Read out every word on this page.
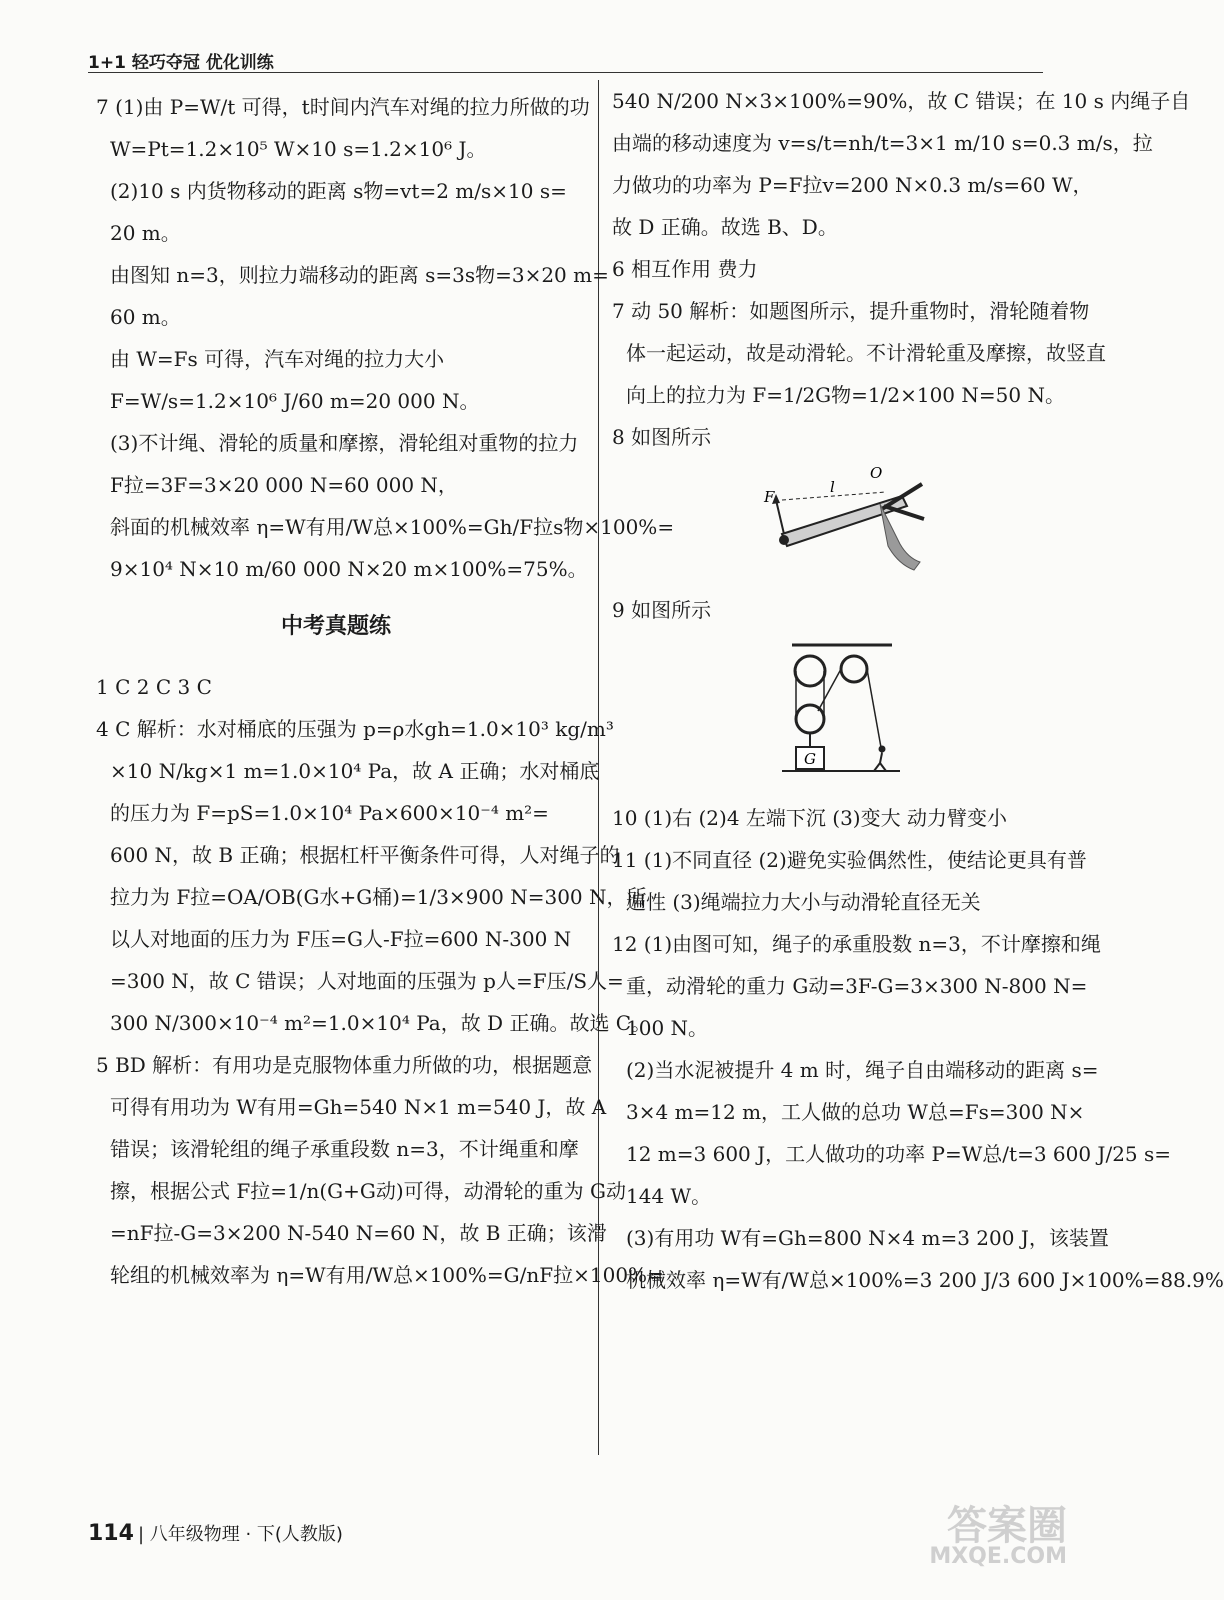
1+1 轻巧夺冠 优化训练
7 (1)由 P=W/t 可得，t时间内汽车对绳的拉力所做的功
W=Pt=1.2×10⁵ W×10 s=1.2×10⁶ J。
(2)10 s 内货物移动的距离 s物=vt=2 m/s×10 s=
20 m。
由图知 n=3，则拉力端移动的距离 s=3s物=3×20 m=
60 m。
由 W=Fs 可得，汽车对绳的拉力大小
F=W/s=1.2×10⁶ J/60 m=20 000 N。
(3)不计绳、滑轮的质量和摩擦，滑轮组对重物的拉力
F拉=3F=3×20 000 N=60 000 N，
斜面的机械效率 η=W有用/W总×100%=Gh/F拉s物×100%=
9×10⁴ N×10 m/60 000 N×20 m×100%=75%。
中考真题练
1 C 2 C 3 C
4 C 解析：水对桶底的压强为 p=ρ水gh=1.0×10³ kg/m³
×10 N/kg×1 m=1.0×10⁴ Pa，故 A 正确；水对桶底
的压力为 F=pS=1.0×10⁴ Pa×600×10⁻⁴ m²=
600 N，故 B 正确；根据杠杆平衡条件可得，人对绳子的
拉力为 F拉=OA/OB(G水+G桶)=1/3×900 N=300 N，所
以人对地面的压力为 F压=G人-F拉=600 N-300 N
=300 N，故 C 错误；人对地面的压强为 p人=F压/S人=
300 N/300×10⁻⁴ m²=1.0×10⁴ Pa，故 D 正确。故选 C。
5 BD 解析：有用功是克服物体重力所做的功，根据题意
可得有用功为 W有用=Gh=540 N×1 m=540 J，故 A
错误；该滑轮组的绳子承重段数 n=3，不计绳重和摩
擦，根据公式 F拉=1/n(G+G动)可得，动滑轮的重为 G动
=nF拉-G=3×200 N-540 N=60 N，故 B 正确；该滑
轮组的机械效率为 η=W有用/W总×100%=G/nF拉×100%=
540 N/200 N×3×100%=90%，故 C 错误；在 10 s 内绳子自
由端的移动速度为 v=s/t=nh/t=3×1 m/10 s=0.3 m/s，拉
力做功的功率为 P=F拉v=200 N×0.3 m/s=60 W，
故 D 正确。故选 B、D。
6 相互作用 费力
7 动 50 解析：如题图所示，提升重物时，滑轮随着物
体一起运动，故是动滑轮。不计滑轮重及摩擦，故竖直
向上的拉力为 F=1/2G物=1/2×100 N=50 N。
8 如图所示
F
l
O
9 如图所示
G
10 (1)右 (2)4 左端下沉 (3)变大 动力臂变小
11 (1)不同直径 (2)避免实验偶然性，使结论更具有普
遍性 (3)绳端拉力大小与动滑轮直径无关
12 (1)由图可知，绳子的承重股数 n=3，不计摩擦和绳
重，动滑轮的重力 G动=3F-G=3×300 N-800 N=
100 N。
(2)当水泥被提升 4 m 时，绳子自由端移动的距离 s=
3×4 m=12 m，工人做的总功 W总=Fs=300 N×
12 m=3 600 J，工人做功的功率 P=W总/t=3 600 J/25 s=
144 W。
(3)有用功 W有=Gh=800 N×4 m=3 200 J，该装置
机械效率 η=W有/W总×100%=3 200 J/3 600 J×100%=88.9%
114 | 八年级物理 · 下(人教版)	答案圈
MXQE.COM
